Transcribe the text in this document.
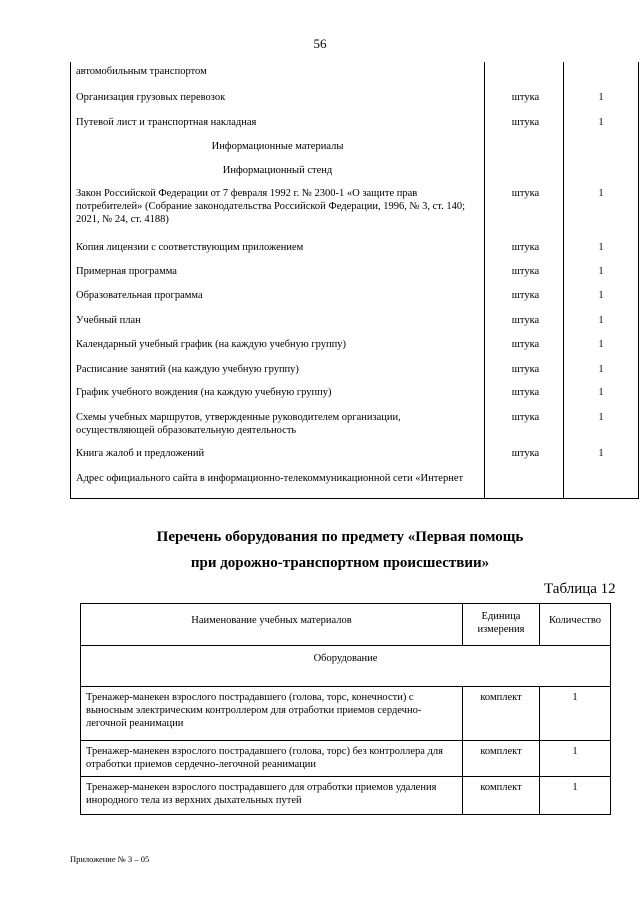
56
автомобильным транспортом		
Организация грузовых перевозок	штука	1
Путевой лист и транспортная накладная	штука	1
Информационные материалы		
Информационный стенд		
Закон Российской Федерации от 7 февраля 1992 г. № 2300-1 «О защите прав потребителей» (Собрание законодательства Российской Федерации, 1996, № 3, ст. 140; 2021, № 24, ст. 4188)	штука	1
Копия лицензии с соответствующим приложением	штука	1
Примерная программа	штука	1
Образовательная программа	штука	1
Учебный план	штука	1
Календарный учебный график (на каждую учебную группу)	штука	1
Расписание занятий (на каждую учебную группу)	штука	1
График учебного вождения (на каждую учебную группу)	штука	1
Схемы учебных маршрутов, утвержденные руководителем организации, осуществляющей образовательную деятельность	штука	1
Книга жалоб и предложений	штука	1
Адрес официального сайта в информационно-телекоммуникационной сети «Интернет		
Перечень оборудования по предмету «Первая помощь
при дорожно-транспортном происшествии»
Таблица 12
Наименование учебных материалов	Единица измерения	Количество
Оборудование		
Тренажер-манекен взрослого пострадавшего (голова, торс, конечности) с выносным электрическим контроллером для отработки приемов сердечно-легочной реанимации	комплект	1
Тренажер-манекен взрослого пострадавшего (голова, торс) без контроллера для отработки приемов сердечно-легочной реанимации	комплект	1
Тренажер-манекен взрослого пострадавшего для отработки приемов удаления инородного тела из верхних дыхательных путей	комплект	1
Приложение № 3 – 05
